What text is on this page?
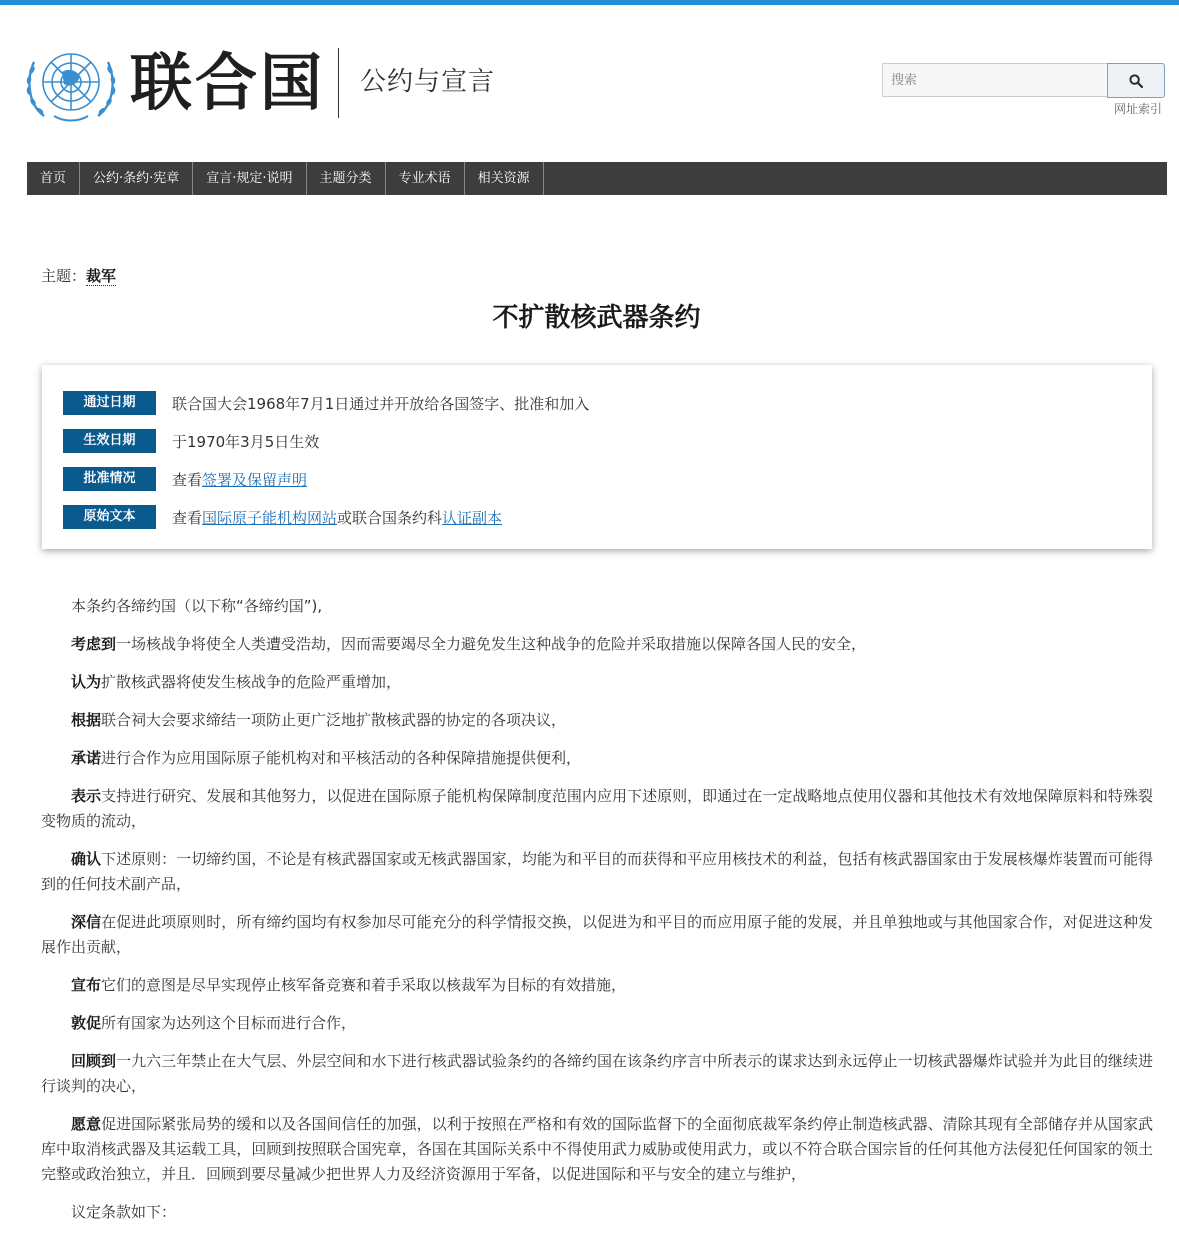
联合国 公约与宣言
搜索
网址索引
首页	公约·条约·宪章	宣言·规定·说明	主题分类	专业术语	相关资源
主题：裁军
不扩散核武器条约
通过日期	联合国大会1968年7月1日通过并开放给各国签字、批准和加入
生效日期	于1970年3月5日生效
批准情况	查看签署及保留声明
原始文本	查看国际原子能机构网站或联合国条约科认证副本

本条约各缔约国（以下称“各缔约国”),

考虑到一场核战争将使全人类遭受浩劫，因而需要竭尽全力避免发生这种战争的危险并采取措施以保障各国人民的安全，

认为扩散核武器将使发生核战争的危险严重增加，

根据联合祠大会要求缔结一项防止更广泛地扩散核武器的协定的各项决议，

承诺进行合作为应用国际原子能机构对和平核活动的各种保障措施提供便利，

表示支持进行研究、发展和其他努力，以促进在国际原子能机构保障制度范围内应用下述原则，即通过在一定战略地点使用仪器和其他技术有效地保障原料和特殊裂变物质的流动，

确认下述原则：一切缔约国，不论是有核武器国家或无核武器国家，均能为和平目的而获得和平应用核技术的利益，包括有核武器国家由于发展核爆炸装置而可能得到的任何技术副产品，

深信在促进此项原则时，所有缔约国均有权参加尽可能充分的科学情报交换，以促进为和平目的而应用原子能的发展，并且单独地或与其他国家合作，对促进这种发展作出贡献，

宣布它们的意图是尽早实现停止核军备竞赛和着手采取以核裁军为目标的有效措施，

敦促所有国家为达列这个目标而进行合作，

回顾到一九六三年禁止在大气层、外层空间和水下进行核武器试验条约的各缔约国在该条约序言中所表示的谋求达到永远停止一切核武器爆炸试验并为此目的继续进行谈判的决心，

愿意促进国际紧张局势的缓和以及各国间信任的加强，以利于按照在严格和有效的国际监督下的全面彻底裁军条约停止制造核武器、清除其现有全部储存并从国家武库中取消核武器及其运载工具，回顾到按照联合国宪章，各国在其国际关系中不得使用武力威胁或使用武力，或以不符合联合国宗旨的任何其他方法侵犯任何国家的领土完整或政治独立，并且．回顾到要尽量减少把世界人力及经济资源用于军备，以促进国际和平与安全的建立与维护，

议定条款如下：
